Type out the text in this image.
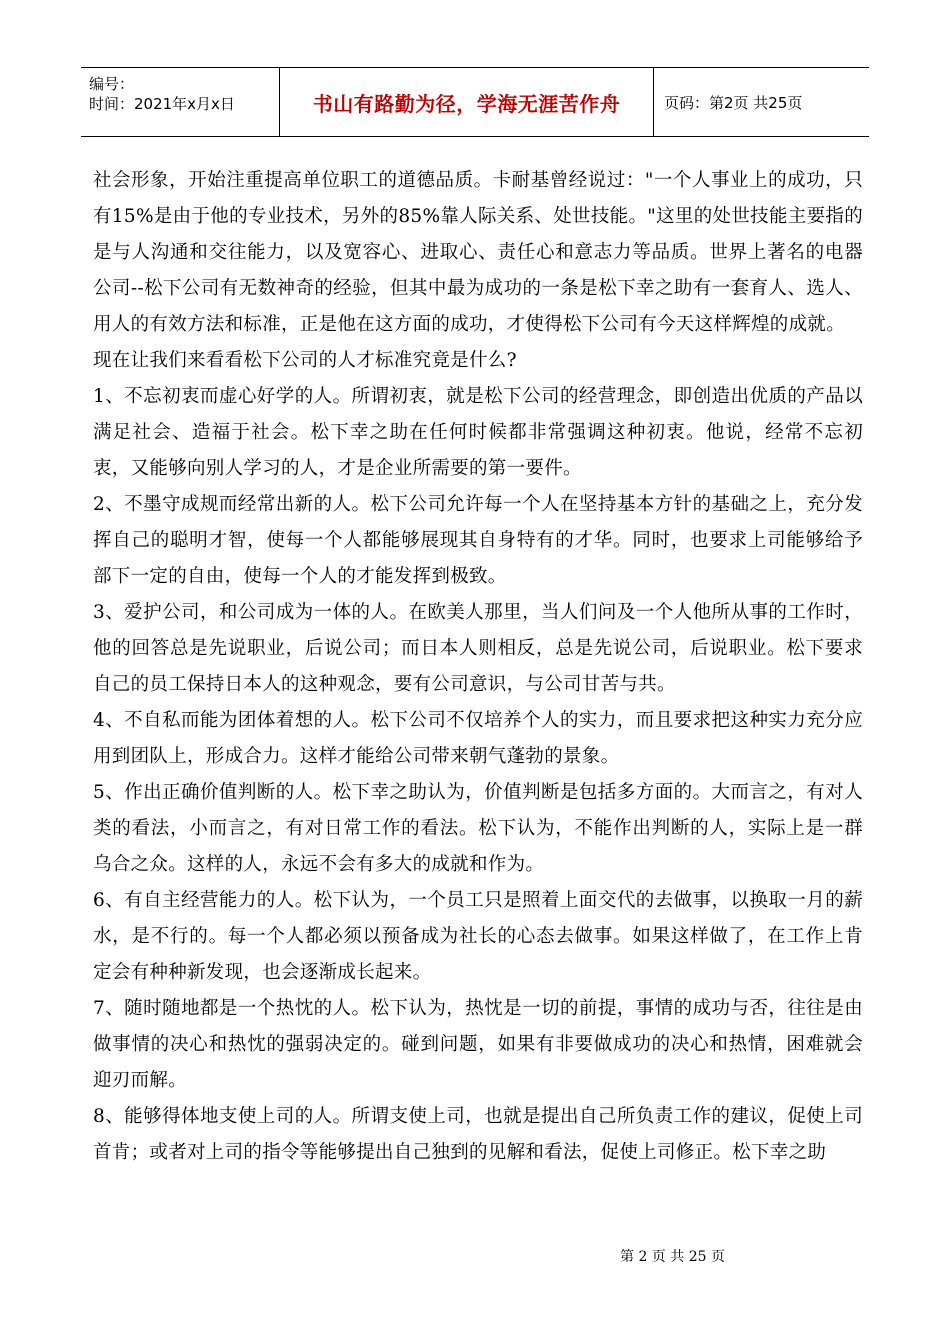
编号：
时间：2021年x月x日	书山有路勤为径，学海无涯苦作舟	页码：第2页 共25页

社会形象，开始注重提高单位职工的道德品质。卡耐基曾经说过："一个人事业上的成功，只有15%是由于他的专业技术，另外的85%靠人际关系、处世技能。"这里的处世技能主要指的是与人沟通和交往能力，以及宽容心、进取心、责任心和意志力等品质。世界上著名的电器公司--松下公司有无数神奇的经验，但其中最为成功的一条是松下幸之助有一套育人、选人、用人的有效方法和标准，正是他在这方面的成功，才使得松下公司有今天这样辉煌的成就。

现在让我们来看看松下公司的人才标准究竟是什么?

1、不忘初衷而虚心好学的人。所谓初衷，就是松下公司的经营理念，即创造出优质的产品以满足社会、造福于社会。松下幸之助在任何时候都非常强调这种初衷。他说，经常不忘初衷，又能够向别人学习的人，才是企业所需要的第一要件。

2、不墨守成规而经常出新的人。松下公司允许每一个人在坚持基本方针的基础之上，充分发挥自己的聪明才智，使每一个人都能够展现其自身特有的才华。同时，也要求上司能够给予部下一定的自由，使每一个人的才能发挥到极致。

3、爱护公司，和公司成为一体的人。在欧美人那里，当人们问及一个人他所从事的工作时，他的回答总是先说职业，后说公司；而日本人则相反，总是先说公司，后说职业。松下要求自己的员工保持日本人的这种观念，要有公司意识，与公司甘苦与共。

4、不自私而能为团体着想的人。松下公司不仅培养个人的实力，而且要求把这种实力充分应用到团队上，形成合力。这样才能给公司带来朝气蓬勃的景象。

5、作出正确价值判断的人。松下幸之助认为，价值判断是包括多方面的。大而言之，有对人类的看法，小而言之，有对日常工作的看法。松下认为，不能作出判断的人，实际上是一群乌合之众。这样的人，永远不会有多大的成就和作为。

6、有自主经营能力的人。松下认为，一个员工只是照着上面交代的去做事，以换取一月的薪水，是不行的。每一个人都必须以预备成为社长的心态去做事。如果这样做了，在工作上肯定会有种种新发现，也会逐渐成长起来。

7、随时随地都是一个热忱的人。松下认为，热忱是一切的前提，事情的成功与否，往往是由做事情的决心和热忱的强弱决定的。碰到问题，如果有非要做成功的决心和热情，困难就会迎刃而解。

8、能够得体地支使上司的人。所谓支使上司，也就是提出自己所负责工作的建议，促使上司首肯；或者对上司的指令等能够提出自己独到的见解和看法，促使上司修正。松下幸之助

第 2 页 共 25 页
